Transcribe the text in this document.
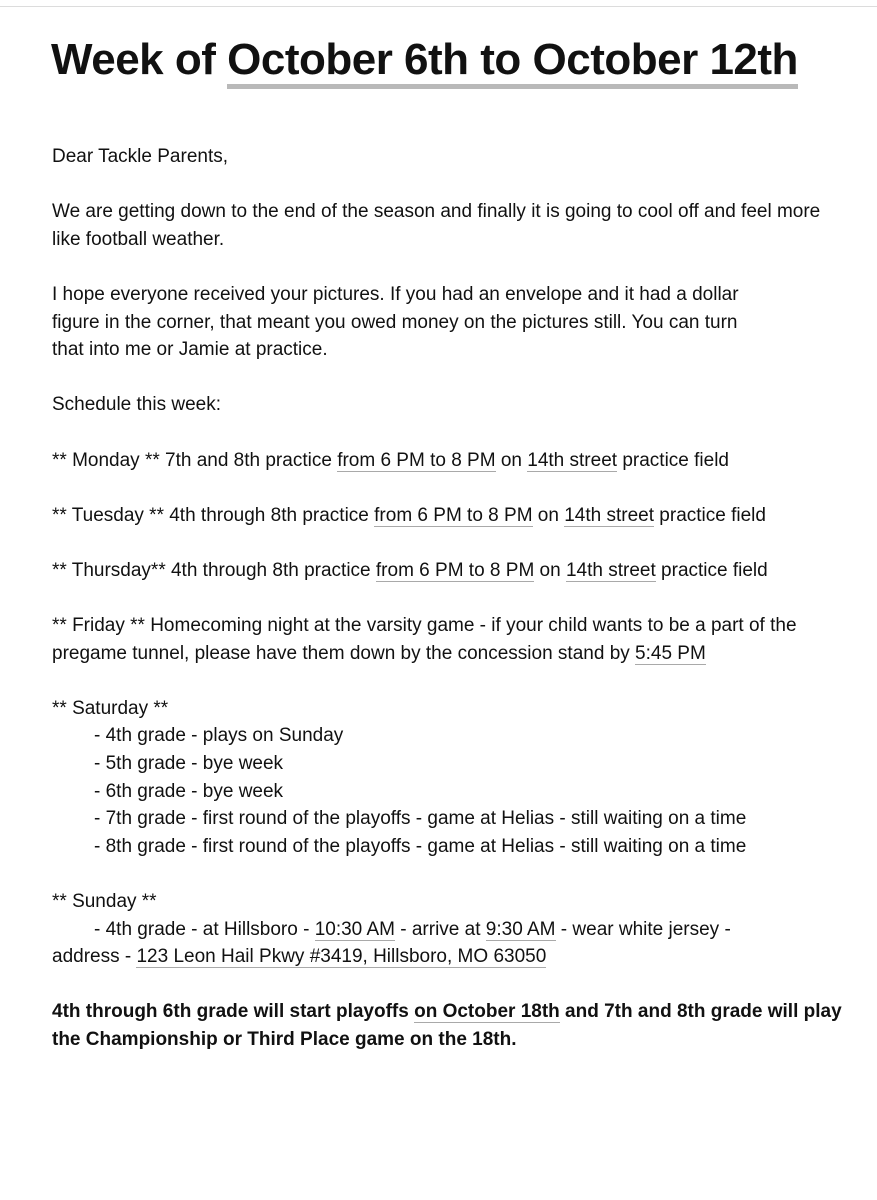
Week of October 6th to October 12th

Dear Tackle Parents,

We are getting down to the end of the season and finally it is going to cool off and feel more like football weather.

I hope everyone received your pictures. If you had an envelope and it had a dollar
figure in the corner, that meant you owed money on the pictures still. You can turn
that into me or Jamie at practice.

Schedule this week:

** Monday ** 7th and 8th practice from 6 PM to 8 PM on 14th street practice field

** Tuesday ** 4th through 8th practice from 6 PM to 8 PM on 14th street practice field

** Thursday** 4th through 8th practice from 6 PM to 8 PM on 14th street practice field

** Friday ** Homecoming night at the varsity game - if your child wants to be a part of the pregame tunnel, please have them down by the concession stand by 5:45 PM

** Saturday **

- 4th grade - plays on Sunday

- 5th grade - bye week

- 6th grade - bye week

- 7th grade - first round of the playoffs - game at Helias - still waiting on a time

- 8th grade - first round of the playoffs - game at Helias - still waiting on a time

** Sunday **

- 4th grade - at Hillsboro - 10:30 AM - arrive at 9:30 AM - wear white jersey -

address - 123 Leon Hail Pkwy #3419, Hillsboro, MO 63050

4th through 6th grade will start playoffs on October 18th and 7th and 8th grade will play the Championship or Third Place game on the 18th.
